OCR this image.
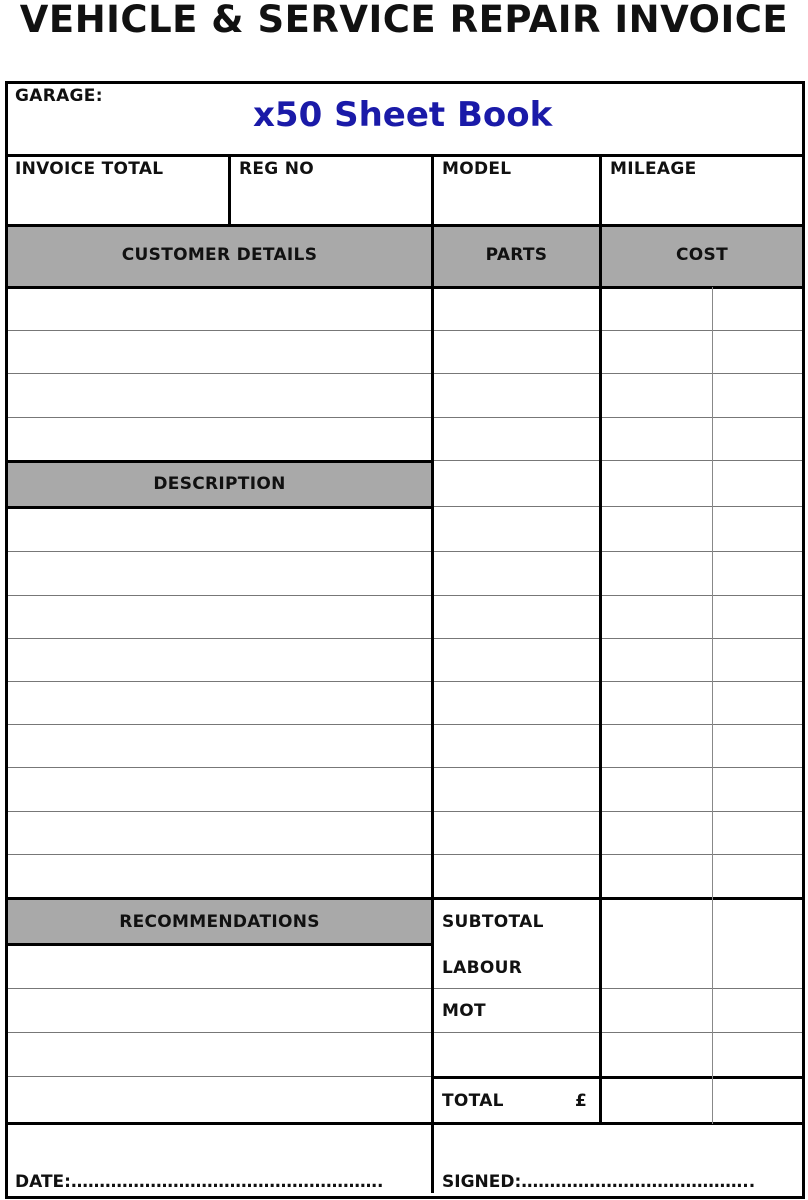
VEHICLE & SERVICE REPAIR INVOICE
GARAGE:	x50 Sheet Book
INVOICE TOTAL	REG NO	MODEL	MILEAGE
CUSTOMER DETAILS	PARTS	COST
DESCRIPTION
RECOMMENDATIONS	SUBTOTAL
LABOUR
MOT
TOTAL	£
DATE:……………………………………………….	SIGNED:…………………………………..
